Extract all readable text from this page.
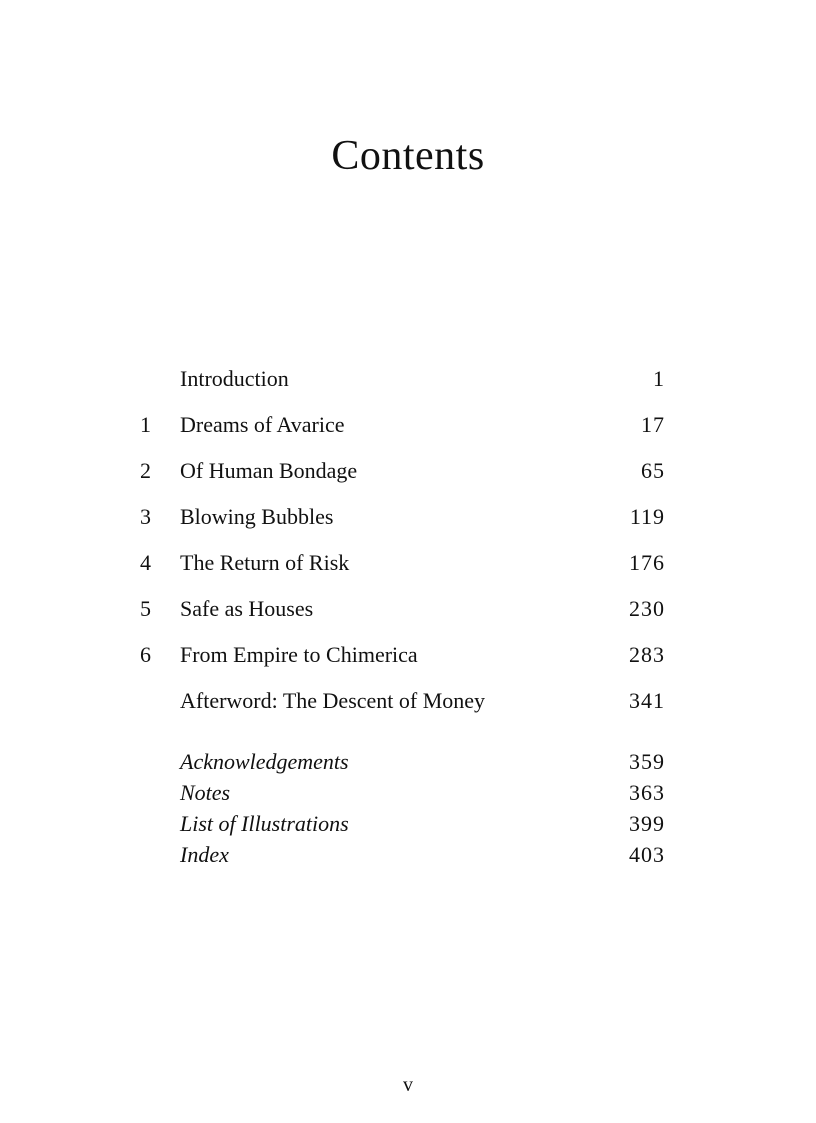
Contents
Introduction	1
1	Dreams of Avarice	17
2	Of Human Bondage	65
3	Blowing Bubbles	119
4	The Return of Risk	176
5	Safe as Houses	230
6	From Empire to Chimerica	283
Afterword: The Descent of Money	341
Acknowledgements	359
Notes	363
List of Illustrations	399
Index	403
v
